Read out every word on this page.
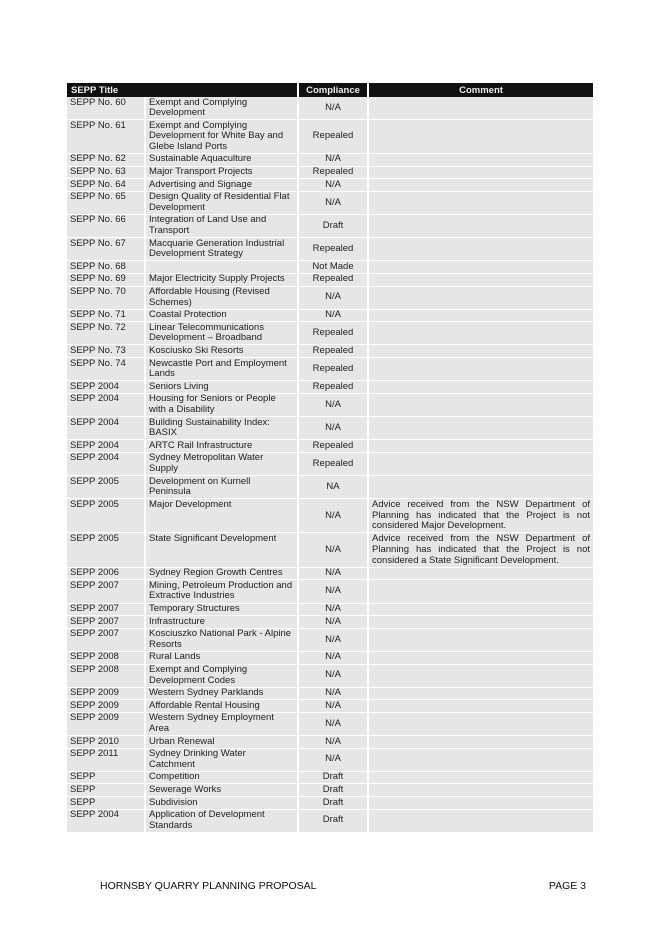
SEPP Title		Compliance	Comment
SEPP No. 60	Exempt and Complying Development	N/A	
SEPP No. 61	Exempt and Complying Development for White Bay and Glebe Island Ports	Repealed	
SEPP No. 62	Sustainable Aquaculture	N/A	
SEPP No. 63	Major Transport Projects	Repealed	
SEPP No. 64	Advertising and Signage	N/A	
SEPP No. 65	Design Quality of Residential Flat Development	N/A	
SEPP No. 66	Integration of Land Use and Transport	Draft	
SEPP No. 67	Macquarie Generation Industrial Development Strategy	Repealed	
SEPP No. 68		Not Made	
SEPP No. 69	Major Electricity Supply Projects	Repealed	
SEPP No. 70	Affordable Housing (Revised Schemes)	N/A	
SEPP No. 71	Coastal Protection	N/A	
SEPP No. 72	Linear Telecommunications Development – Broadband	Repealed	
SEPP No. 73	Kosciusko Ski Resorts	Repealed	
SEPP No. 74	Newcastle Port and Employment Lands	Repealed	
SEPP 2004	Seniors Living	Repealed	
SEPP 2004	Housing for Seniors or People with a Disability	N/A	
SEPP 2004	Building Sustainability Index: BASIX	N/A	
SEPP 2004	ARTC Rail Infrastructure	Repealed	
SEPP 2004	Sydney Metropolitan Water Supply	Repealed	
SEPP 2005	Development on Kurnell Peninsula	NA	
SEPP 2005	Major Development	N/A	Advice received from the NSW Department of Planning has indicated that the Project is not considered Major Development.
SEPP 2005	State Significant Development	N/A	Advice received from the NSW Department of Planning has indicated that the Project is not considered a State Significant Development.
SEPP 2006	Sydney Region Growth Centres	N/A	
SEPP 2007	Mining, Petroleum Production and Extractive Industries	N/A	
SEPP 2007	Temporary Structures	N/A	
SEPP 2007	Infrastructure	N/A	
SEPP 2007	Kosciuszko National Park - Alpine Resorts	N/A	
SEPP 2008	Rural Lands	N/A	
SEPP 2008	Exempt and Complying Development Codes	N/A	
SEPP 2009	Western Sydney Parklands	N/A	
SEPP 2009	Affordable Rental Housing	N/A	
SEPP 2009	Western Sydney Employment Area	N/A	
SEPP 2010	Urban Renewal	N/A	
SEPP 2011	Sydney Drinking Water Catchment	N/A	
SEPP	Competition	Draft	
SEPP	Sewerage Works	Draft	
SEPP	Subdivision	Draft	
SEPP 2004	Application of Development Standards	Draft	
HORNSBY QUARRY PLANNING PROPOSAL	PAGE 3
